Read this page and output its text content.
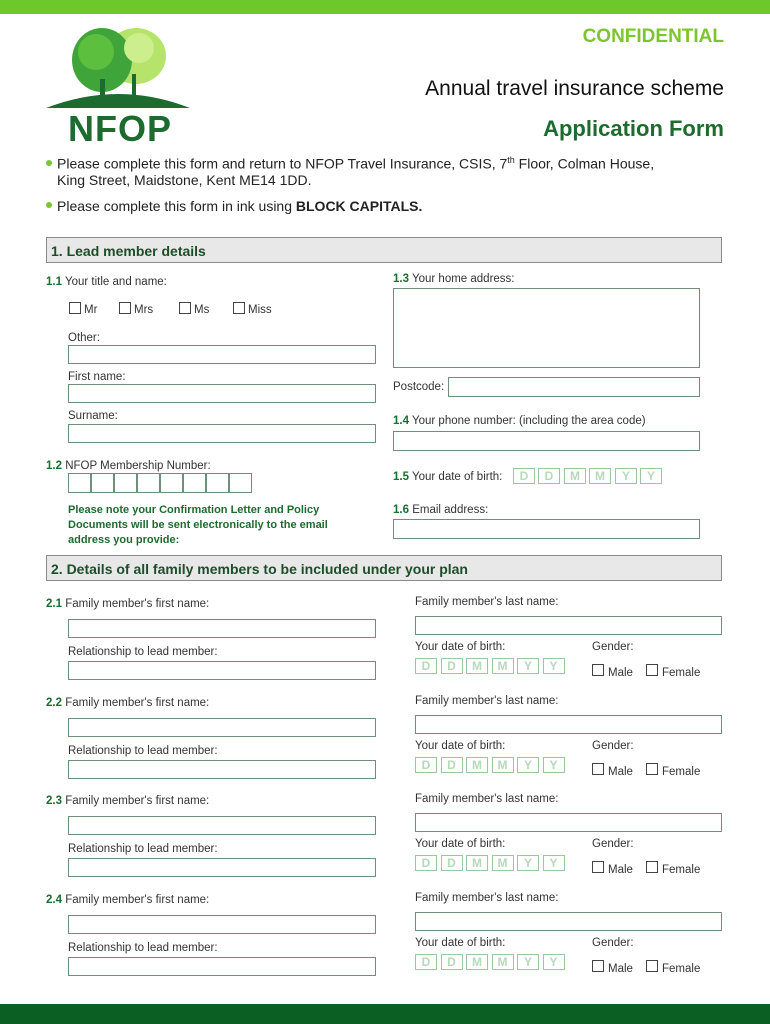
NFOP
CONFIDENTIAL
Annual travel insurance scheme
Application Form
Please complete this form and return to NFOP Travel Insurance, CSIS, 7th Floor, Colman House,
King Street, Maidstone, Kent ME14 1DD.
Please complete this form in ink using BLOCK CAPITALS.
1. Lead member details
1.1 Your title and name:
Mr	Mrs	Ms	Miss
Other:
First name:
Surname:
1.2 NFOP Membership Number:
Please note your Confirmation Letter and Policy Documents will be sent electronically to the email address you provide:
1.3 Your home address:
Postcode:
1.4 Your phone number: (including the area code)
1.5 Your date of birth:	D	D	M	M	Y	Y
1.6 Email address:
2. Details of all family members to be included under your plan
2.1 Family member's first name:
Relationship to lead member:
Family member's last name:
Your date of birth:
D	D	M	M	Y	Y
Gender:
Male	Female
2.2 Family member's first name:
Relationship to lead member:
Family member's last name:
Your date of birth:
D	D	M	M	Y	Y
Gender:
Male	Female
2.3 Family member's first name:
Relationship to lead member:
Family member's last name:
Your date of birth:
D	D	M	M	Y	Y
Gender:
Male	Female
2.4 Family member's first name:
Relationship to lead member:
Family member's last name:
Your date of birth:
D	D	M	M	Y	Y
Gender:
Male	Female
